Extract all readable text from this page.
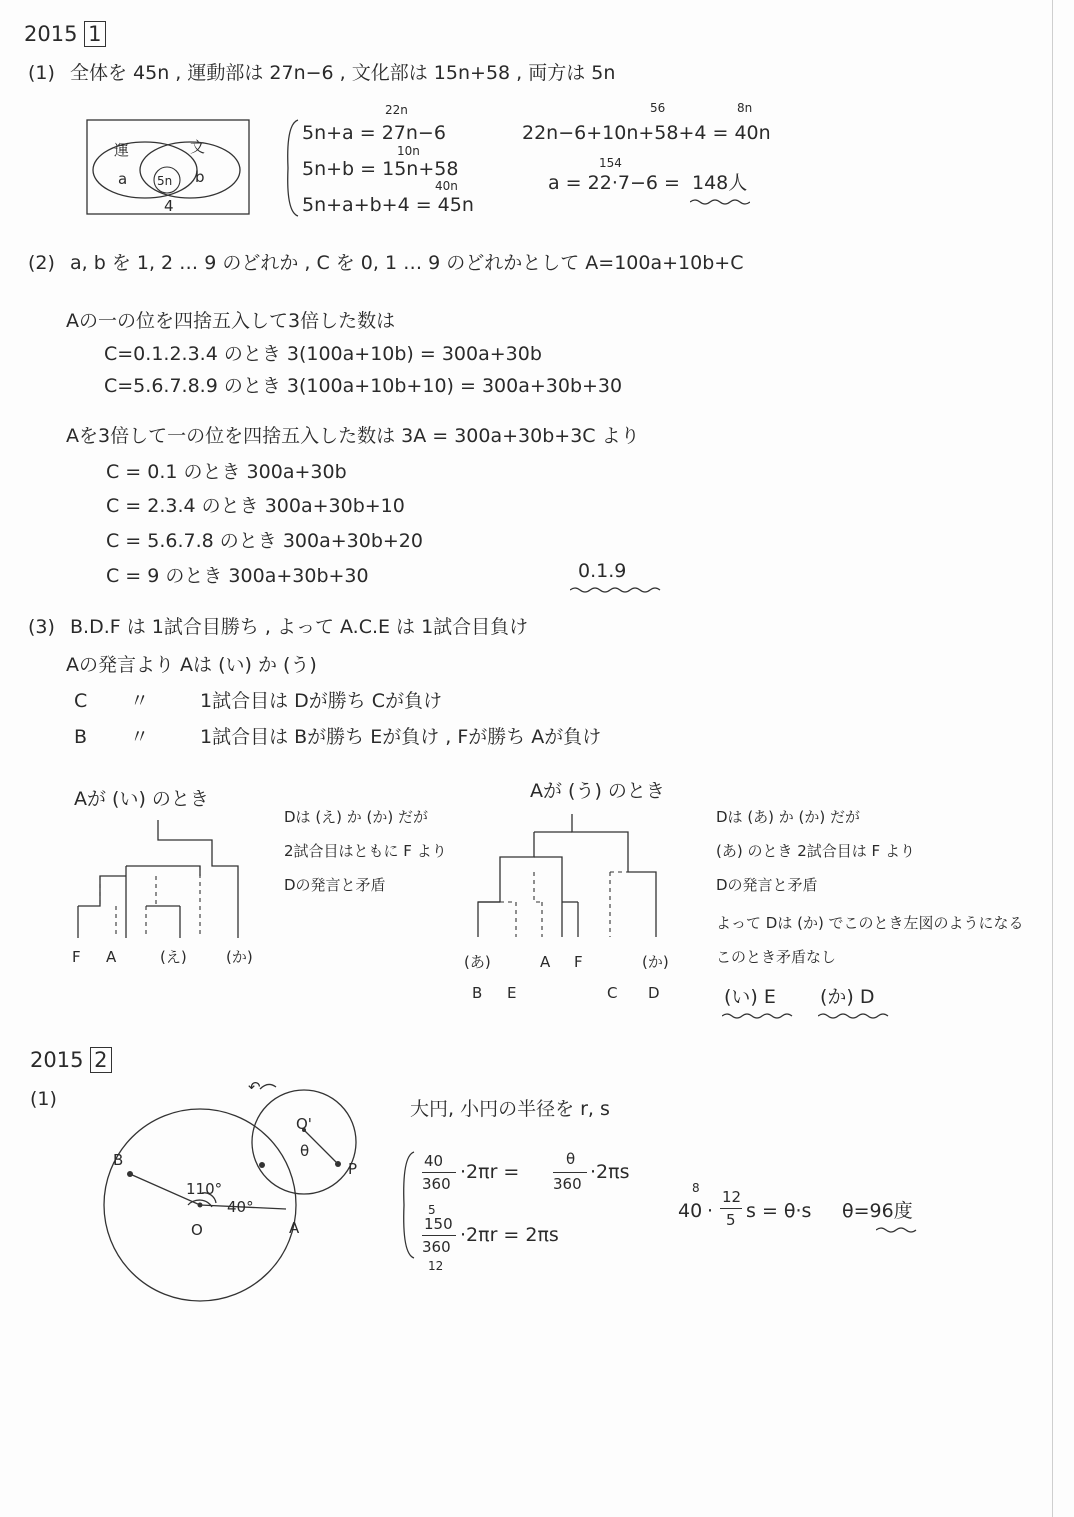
2015 1
(1) 全体を 45n , 運動部は 27n−6 , 文化部は 15n+58 , 両方は 5n
運	文
a 5n b
4
22n
5n+a = 27n−6
10n
5n+b = 15n+58
40n
5n+a+b+4 = 45n
56	8n
22n−6+10n+58+4 = 40n
154
a = 22·7−6 = 148人
(2) a, b を 1, 2 … 9 のどれか , C を 0, 1 … 9 のどれかとして A=100a+10b+C
Aの一の位を四捨五入して3倍した数は
C=0.1.2.3.4 のとき 3(100a+10b) = 300a+30b
C=5.6.7.8.9 のとき 3(100a+10b+10) = 300a+30b+30
Aを3倍して一の位を四捨五入した数は 3A = 300a+30b+3C より
C = 0.1 のとき 300a+30b
C = 2.3.4 のとき 300a+30b+10
C = 5.6.7.8 のとき 300a+30b+20
C = 9 のとき 300a+30b+30	0.1.9
(3) B.D.F は 1試合目勝ち , よって A.C.E は 1試合目負け
Aの発言より Aは (い) か (う)
C 〃	1試合目は Dが勝ち Cが負け
B 〃	1試合目は Bが勝ち Eが負け , Fが勝ち Aが負け
Aが (い) のとき
F A	(え)	(か)
Dは (え) か (か) だが
2試合目はともに F より
Dの発言と矛盾
Aが (う) のとき
(あ)	A F	(か)
B E	C D
Dは (あ) か (か) だが
(あ) のとき 2試合目は F より
Dの発言と矛盾
よって Dは (か) でこのとき左図のようになる
このとき矛盾なし
(い) E (か) D
2015 2
(1)
↶
B
110°
40°
O	A
O'
θ
P
大円, 小円の半径を r, s
40
360
·2πr =
θ
360
·2πs
5
150
360
12
·2πr = 2πs
8
40 ·
12
5 s = θ·s θ=96度
